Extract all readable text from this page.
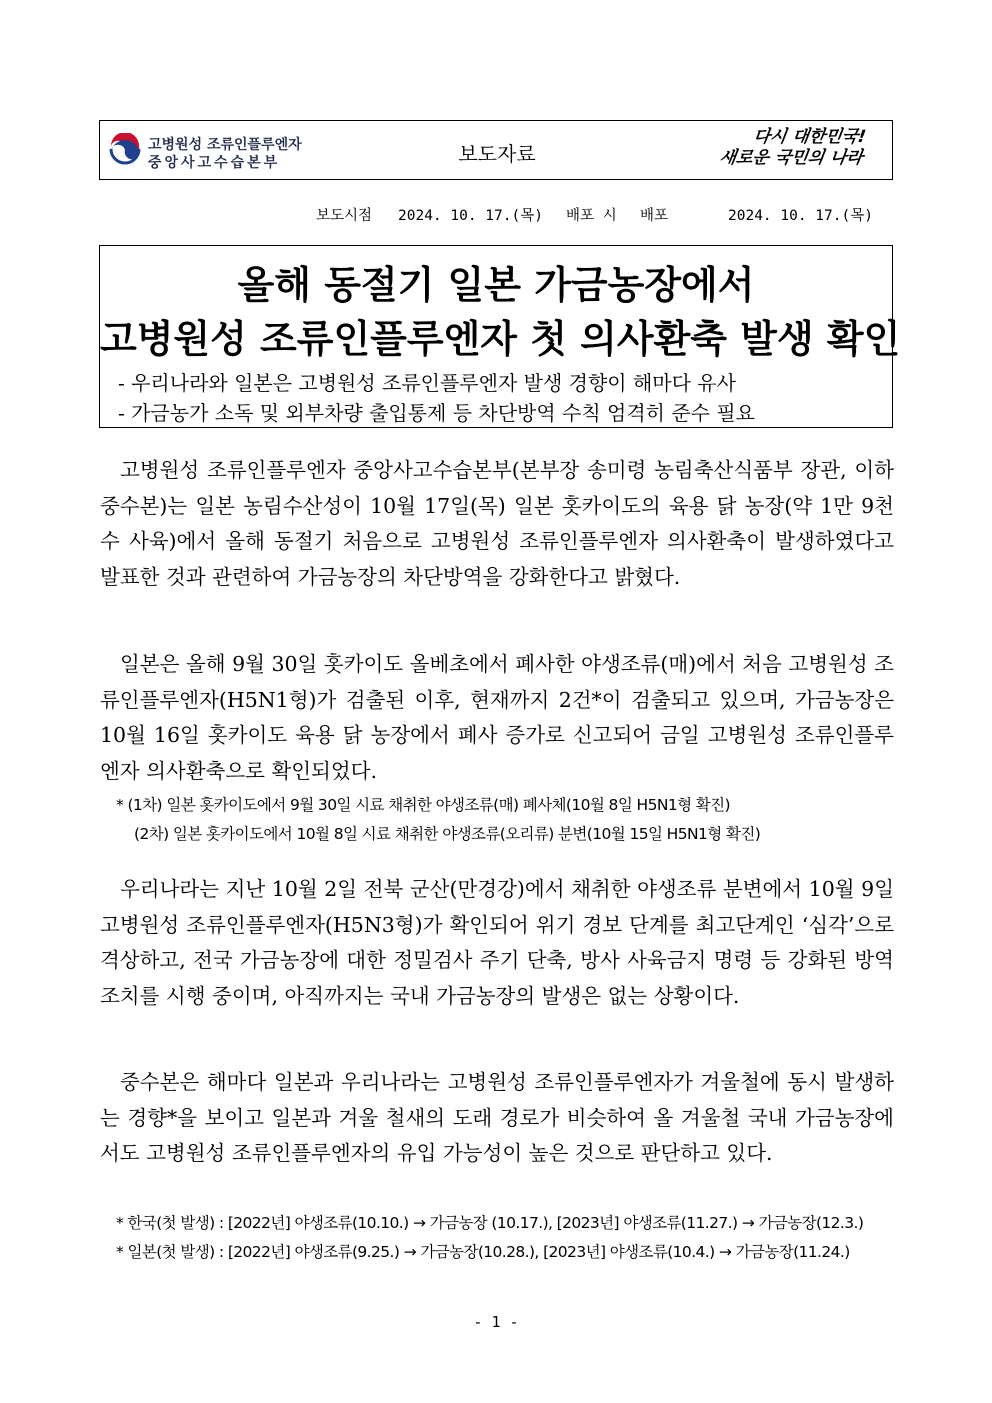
고병원성 조류인플루엔자
중앙사고수습본부	보도자료
다시 대한민국!
새로운 국민의 나라
보도시점 2024. 10. 17.(목) 배포 시 배포	2024. 10. 17.(목)
올해 동절기 일본 가금농장에서
고병원성 조류인플루엔자 첫 의사환축 발생 확인
- 우리나라와 일본은 고병원성 조류인플루엔자 발생 경향이 해마다 유사
- 가금농가 소독 및 외부차량 출입통제 등 차단방역 수칙 엄격히 준수 필요
고병원성 조류인플루엔자 중앙사고수습본부(본부장 송미령 농림축산식품부 장관, 이하 중수본)는 일본 농림수산성이 10월 17일(목) 일본 홋카이도의 육용 닭 농장(약 1만 9천수 사육)에서 올해 동절기 처음으로 고병원성 조류인플루엔자 의사환축이 발생하였다고 발표한 것과 관련하여 가금농장의 차단방역을 강화한다고 밝혔다.
일본은 올해 9월 30일 홋카이도 올베초에서 폐사한 야생조류(매)에서 처음 고병원성 조류인플루엔자(H5N1형)가 검출된 이후, 현재까지 2건*이 검출되고 있으며, 가금농장은 10월 16일 홋카이도 육용 닭 농장에서 폐사 증가로 신고되어 금일 고병원성 조류인플루엔자 의사환축으로 확인되었다.
* (1차) 일본 홋카이도에서 9월 30일 시료 채취한 야생조류(매) 폐사체(10월 8일 H5N1형 확진)
(2차) 일본 홋카이도에서 10월 8일 시료 채취한 야생조류(오리류) 분변(10월 15일 H5N1형 확진)
우리나라는 지난 10월 2일 전북 군산(만경강)에서 채취한 야생조류 분변에서 10월 9일 고병원성 조류인플루엔자(H5N3형)가 확인되어 위기 경보 단계를 최고단계인 ‘심각’으로 격상하고, 전국 가금농장에 대한 정밀검사 주기 단축, 방사 사육금지 명령 등 강화된 방역조치를 시행 중이며, 아직까지는 국내 가금농장의 발생은 없는 상황이다.
중수본은 해마다 일본과 우리나라는 고병원성 조류인플루엔자가 겨울철에 동시 발생하는 경향*을 보이고 일본과 겨울 철새의 도래 경로가 비슷하여 올 겨울철 국내 가금농장에서도 고병원성 조류인플루엔자의 유입 가능성이 높은 것으로 판단하고 있다.
* 한국(첫 발생) : [2022년] 야생조류(10.10.) → 가금농장 (10.17.), [2023년] 야생조류(11.27.) → 가금농장(12.3.)
* 일본(첫 발생) : [2022년] 야생조류(9.25.) → 가금농장(10.28.), [2023년] 야생조류(10.4.) → 가금농장(11.24.)
- 1 -
